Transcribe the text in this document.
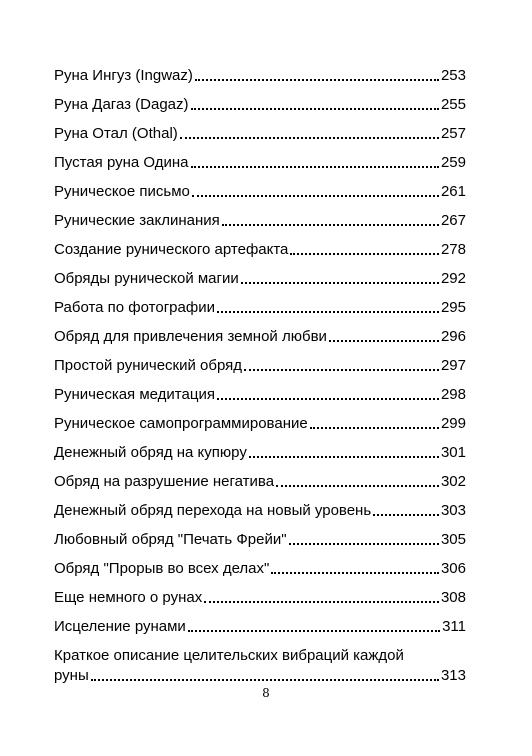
Руна Ингуз (Ingwaz)	253
Руна Дагаз (Dagaz)	255
Руна Отал (Othal)	257
Пустая руна Одина	259
Руническое письмо	261
Рунические заклинания	267
Создание рунического артефакта	278
Обряды рунической магии	292
Работа по фотографии	295
Обряд для привлечения земной любви	296
Простой рунический обряд	297
Руническая медитация	298
Руническое самопрограммирование	299
Денежный обряд на купюру	301
Обряд на разрушение негатива	302
Денежный обряд перехода на новый уровень	303
Любовный обряд "Печать Фрейи"	305
Обряд "Прорыв во всех делах"	306
Еще немного о рунах	308
Исцеление рунами	311
Краткое описание целительских вибраций каждой
руны	313
8
